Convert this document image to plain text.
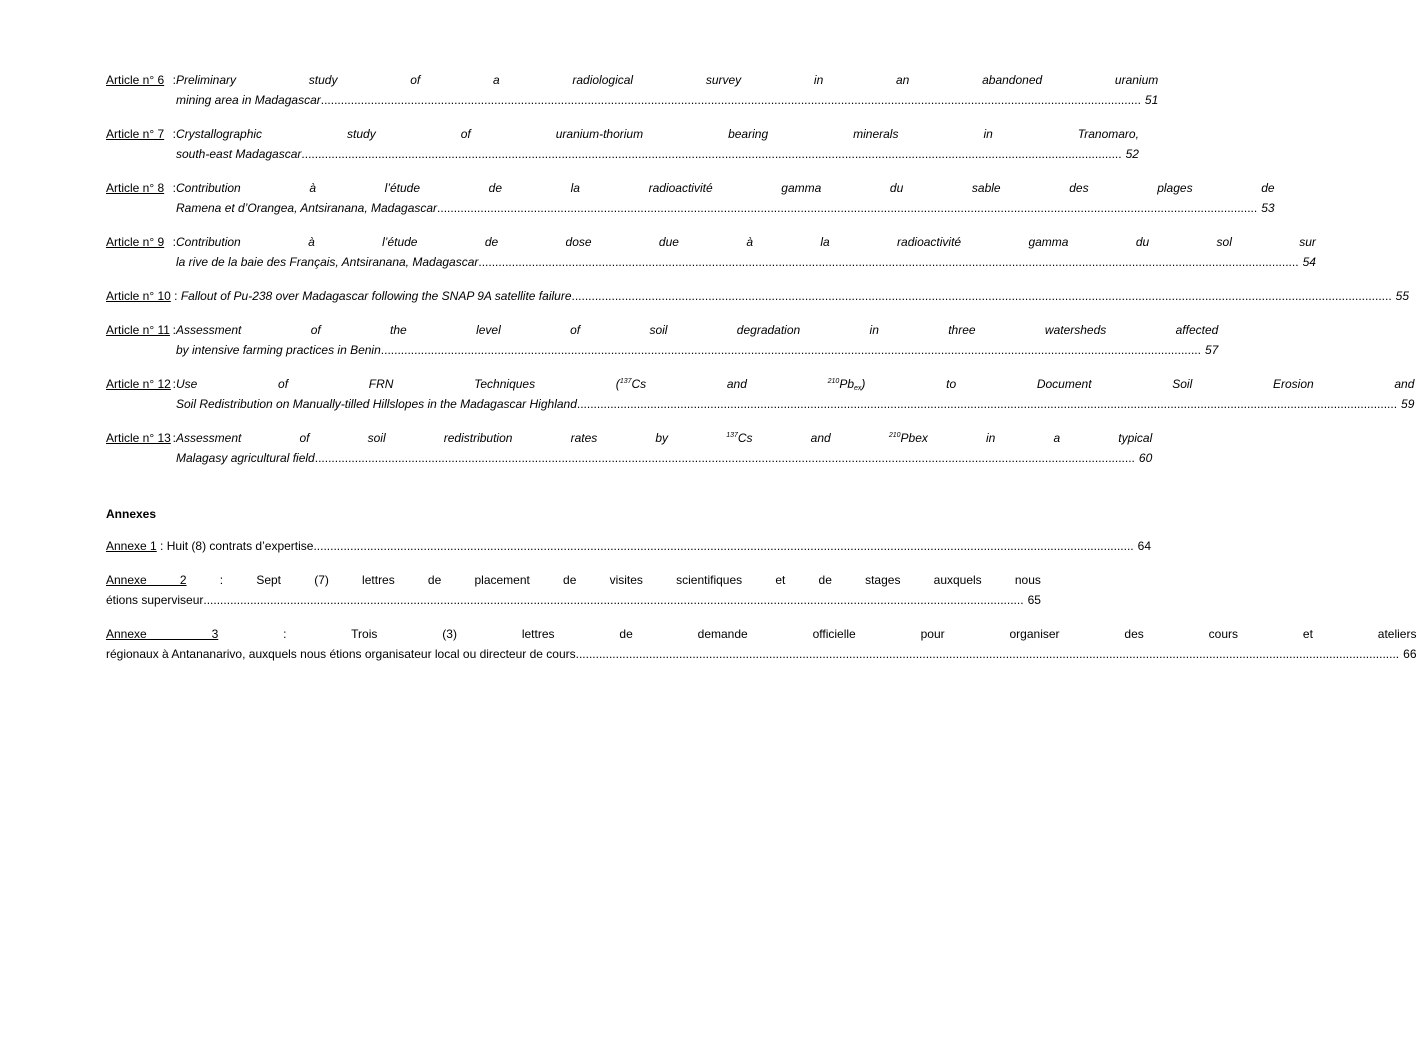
Article n° 6 : Preliminary study of a radiological survey in an abandoned uranium
mining area in Madagascar .....	51
Article n° 7 : Crystallographic study of uranium-thorium bearing minerals in Tranomaro,
south-east Madagascar .....	52
Article n° 8 : Contribution à l’étude de la radioactivité gamma du sable des plages de
Ramena et d’Orangea, Antsiranana, Madagascar .....	53
Article n° 9 : Contribution à l’étude de dose due à la radioactivité gamma du sol sur
la rive de la baie des Français, Antsiranana, Madagascar .....	54
Article n° 10 : Fallout of Pu-238 over Madagascar following the SNAP 9A satellite failure .....	55
Article n° 11 : Assessment of the level of soil degradation in three watersheds affected
by intensive farming practices in Benin .....	57
Article n° 12 : Use of FRN Techniques ($^{137}$Cs and $^{210}Pb_{ex}$) to Document Soil Erosion and
Soil Redistribution on Manually-tilled Hillslopes in the Madagascar Highland .....	59
Article n° 13 : Assessment of soil redistribution rates by $^{137}$Cs and $^{210}$Pbex in a typical
Malagasy agricultural field .....	60
Annexes
Annexe 1 : Huit (8) contrats d’expertise .....	64
Annexe 2 : Sept (7) lettres de placement de visites scientifiques et de stages auxquels nous
étions superviseur .....	65
Annexe 3 : Trois (3) lettres de demande officielle pour organiser des cours et ateliers
régionaux à Antananarivo, auxquels nous étions organisateur local ou directeur de cours. .....	66
